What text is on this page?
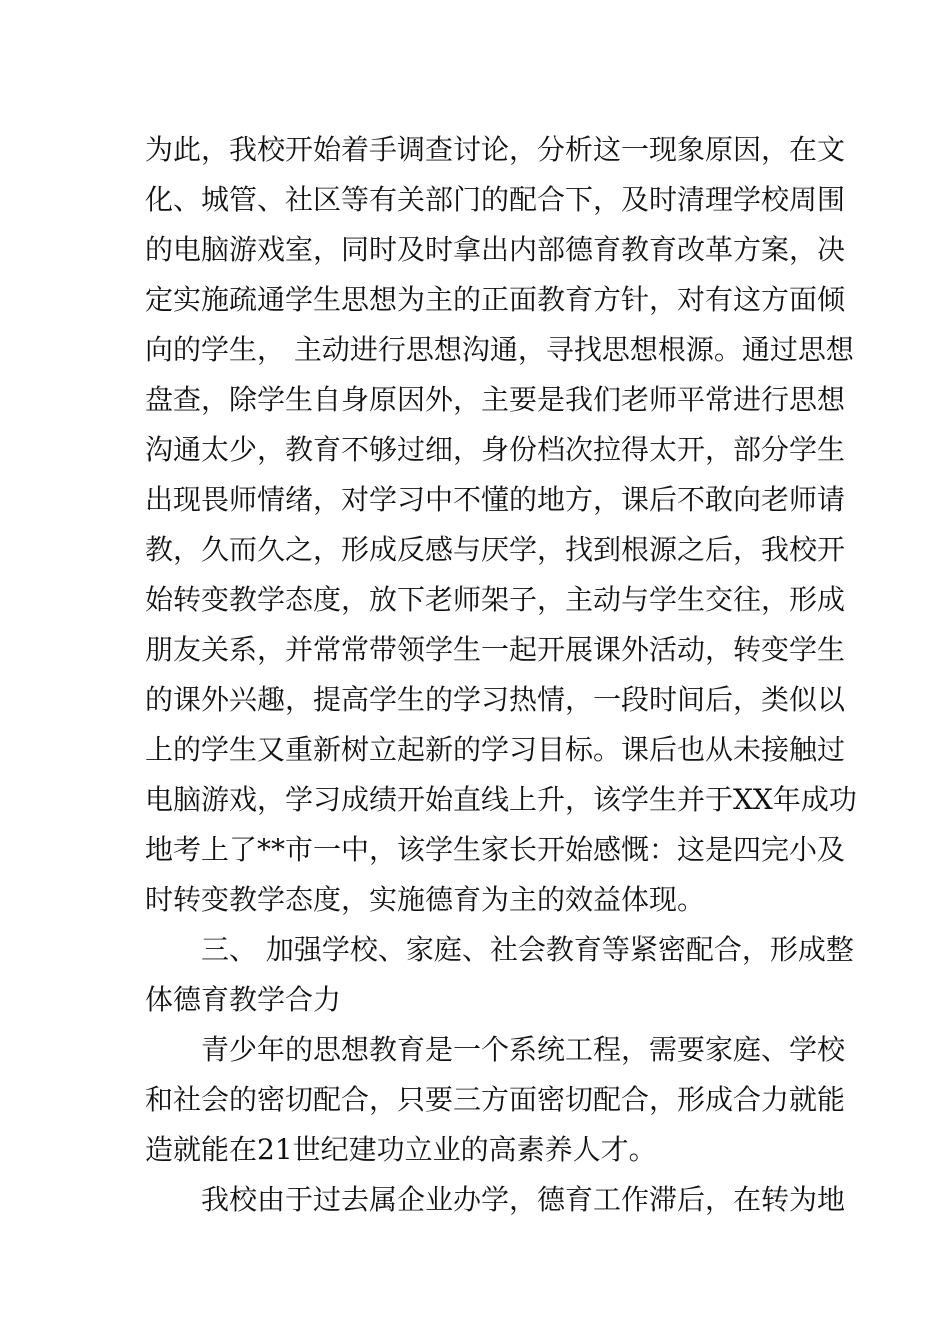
为此，我校开始着手调查讨论，分析这一现象原因，在文
化、城管、社区等有关部门的配合下，及时清理学校周围
的电脑游戏室，同时及时拿出内部德育教育改革方案，决
定实施疏通学生思想为主的正面教育方针，对有这方面倾
向的学生， 主动进行思想沟通，寻找思想根源。通过思想
盘查，除学生自身原因外，主要是我们老师平常进行思想
沟通太少，教育不够过细，身份档次拉得太开，部分学生
出现畏师情绪，对学习中不懂的地方，课后不敢向老师请
教，久而久之，形成反感与厌学，找到根源之后，我校开
始转变教学态度，放下老师架子，主动与学生交往，形成
朋友关系，并常常带领学生一起开展课外活动，转变学生
的课外兴趣，提高学生的学习热情，一段时间后，类似以
上的学生又重新树立起新的学习目标。课后也从未接触过
电脑游戏，学习成绩开始直线上升，该学生并于XX年成功
地考上了**市一中，该学生家长开始感慨：这是四完小及
时转变教学态度，实施德育为主的效益体现。
三、 加强学校、家庭、社会教育等紧密配合，形成整
体德育教学合力
青少年的思想教育是一个系统工程，需要家庭、学校
和社会的密切配合，只要三方面密切配合，形成合力就能
造就能在21世纪建功立业的高素养人才。
我校由于过去属企业办学，德育工作滞后，在转为地
